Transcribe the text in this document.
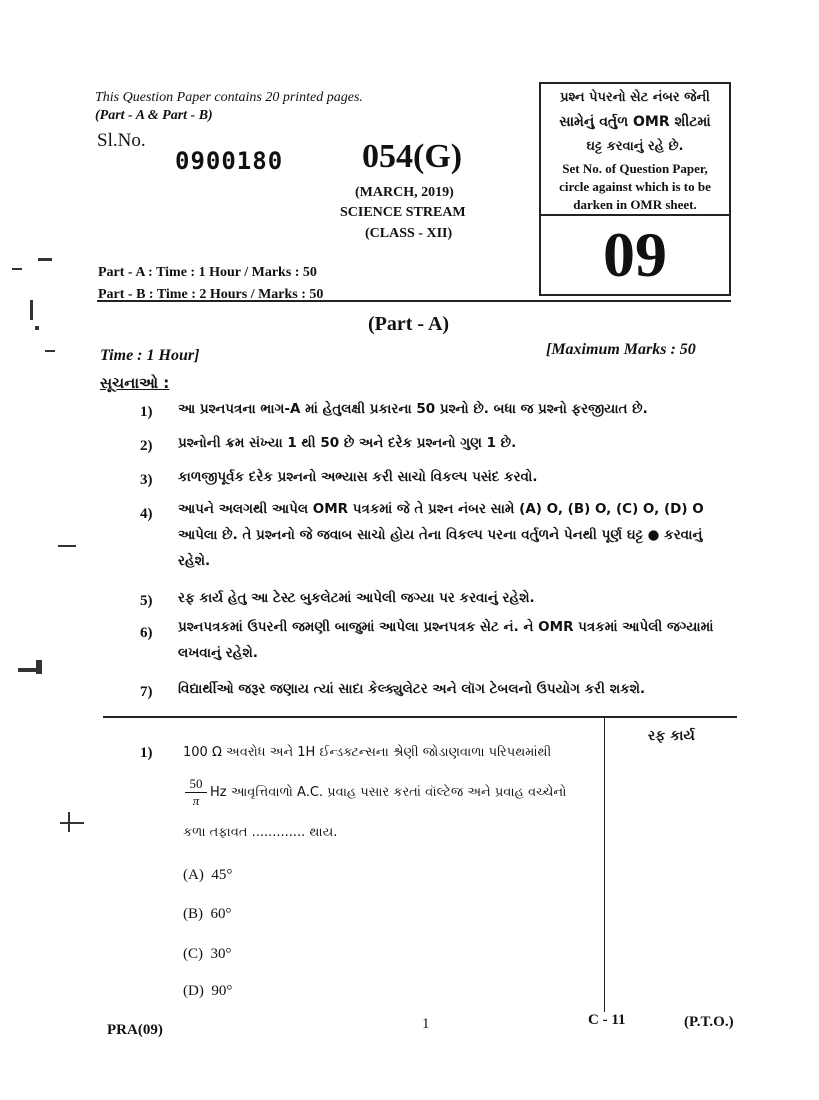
This Question Paper contains 20 printed pages.
(Part - A & Part - B)
Sl.No.
0900180 054(G)
(MARCH, 2019)
SCIENCE STREAM
(CLASS - XII)
Part - A : Time : 1 Hour / Marks : 50
Part - B : Time : 2 Hours / Marks : 50
પ્રશ્ન પેપરનો સેટ નંબર જેની
સામેનું વર્તુળ OMR શીટમાં
ઘટ્ટ કરવાનું રહે છે.
Set No. of Question Paper,
circle against which is to be
darken in OMR sheet.
09
(Part - A)
Time : 1 Hour]	[Maximum Marks : 50
સૂચનાઓ :
1) આ પ્રશ્નપત્રના ભાગ-A માં હેતુલક્ષી પ્રકારના 50 પ્રશ્નો છે. બધા જ પ્રશ્નો ફરજીયાત છે.
2) પ્રશ્નોની ક્રમ સંખ્યા 1 થી 50 છે અને દરેક પ્રશ્નનો ગુણ 1 છે.
3) કાળજીપૂર્વક દરેક પ્રશ્નનો અભ્યાસ કરી સાચો વિકલ્પ પસંદ કરવો.
4) આપને અલગથી આપેલ OMR પત્રકમાં જે તે પ્રશ્ન નંબર સામે (A) O, (B) O, (C) O, (D) O આપેલા છે. તે પ્રશ્નનો જે જવાબ સાચો હોય તેના વિકલ્પ પરના વર્તુળને પેનથી પૂર્ણ ઘટ્ટ ● કરવાનું રહેશે.
5) રફ કાર્ય હેતુ આ ટેસ્ટ બુકલેટમાં આપેલી જગ્યા પર કરવાનું રહેશે.
6) પ્રશ્નપત્રકમાં ઉપરની જમણી બાજુમાં આપેલા પ્રશ્નપત્રક સેટ નં. ને OMR પત્રકમાં આપેલી જગ્યામાં લખવાનું રહેશે.
7) વિદ્યાર્થીઓ જરૂર જણાય ત્યાં સાદા કેલ્ક્યુલેટર અને લૉગ ટેબલનો ઉપયોગ કરી શકશે.
રફ કાર્ય
1) 100 Ω અવરોધ અને 1H ઈન્ડક્ટન્સના શ્રેણી જોડાણવાળા પરિપથમાંથી
$\frac{50}{\pi}$ Hz આવૃત્તિવાળો A.C. પ્રવાહ પસાર કરતાં વૉલ્ટેજ અને પ્રવાહ વચ્ચેનો
કળા તફાવત ............. થાય.
(A) 45°
(B) 60°
(C) 30°
(D) 90°
PRA(09)	1	C - 11	(P.T.O.)
